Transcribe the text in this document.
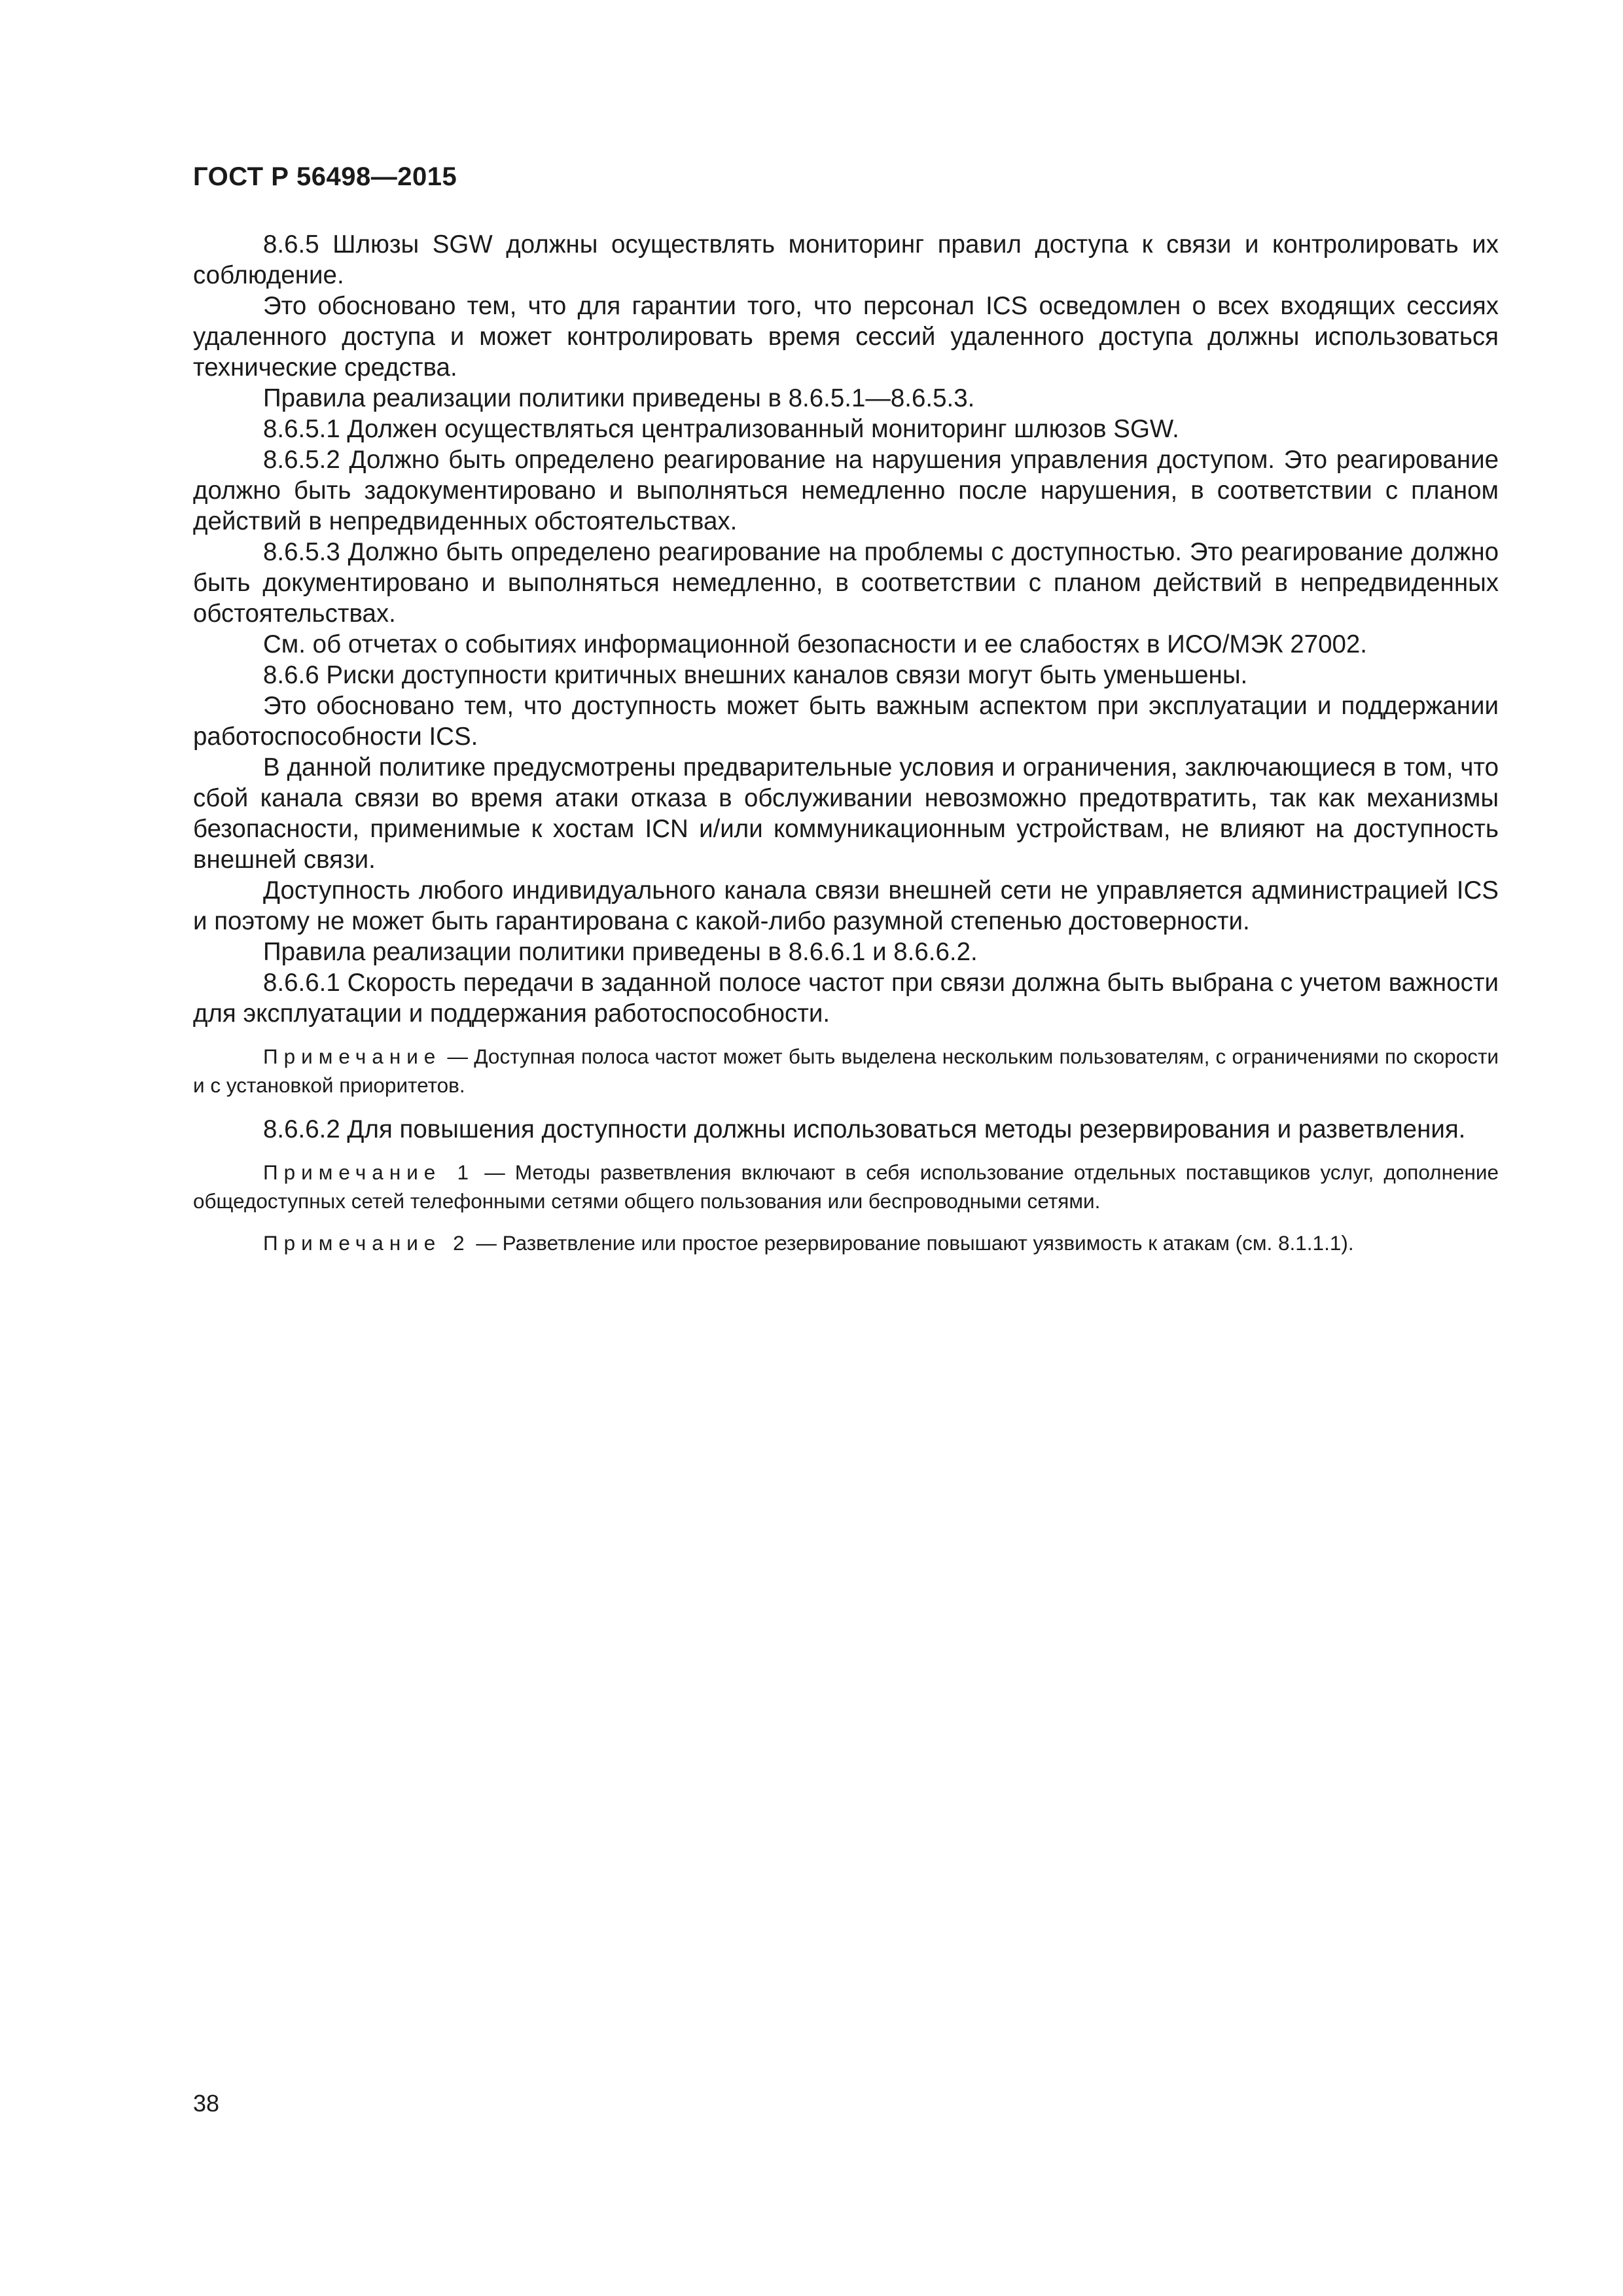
ГОСТ Р 56498—2015

8.6.5 Шлюзы SGW должны осуществлять мониторинг правил доступа к связи и контролировать их соблюдение.

Это обосновано тем, что для гарантии того, что персонал ICS осведомлен о всех входящих сессиях удаленного доступа и может контролировать время сессий удаленного доступа должны использоваться технические средства.

Правила реализации политики приведены в 8.6.5.1—8.6.5.3.

8.6.5.1 Должен осуществляться централизованный мониторинг шлюзов SGW.

8.6.5.2 Должно быть определено реагирование на нарушения управления доступом. Это реагирование должно быть задокументировано и выполняться немедленно после нарушения, в соответствии с планом действий в непредвиденных обстоятельствах.

8.6.5.3 Должно быть определено реагирование на проблемы с доступностью. Это реагирование должно быть документировано и выполняться немедленно, в соответствии с планом действий в непредвиденных обстоятельствах.

См. об отчетах о событиях информационной безопасности и ее слабостях в ИСО/МЭК 27002.

8.6.6 Риски доступности критичных внешних каналов связи могут быть уменьшены.

Это обосновано тем, что доступность может быть важным аспектом при эксплуатации и поддержании работоспособности ICS.

В данной политике предусмотрены предварительные условия и ограничения, заключающиеся в том, что сбой канала связи во время атаки отказа в обслуживании невозможно предотвратить, так как механизмы безопасности, применимые к хостам ICN и/или коммуникационным устройствам, не влияют на доступность внешней связи.

Доступность любого индивидуального канала связи внешней сети не управляется администрацией ICS и поэтому не может быть гарантирована с какой-либо разумной степенью достоверности.

Правила реализации политики приведены в 8.6.6.1 и 8.6.6.2.

8.6.6.1 Скорость передачи в заданной полосе частот при связи должна быть выбрана с учетом важности для эксплуатации и поддержания работоспособности.

Примечание — Доступная полоса частот может быть выделена нескольким пользователям, с ограничениями по скорости и с установкой приоритетов.

8.6.6.2 Для повышения доступности должны использоваться методы резервирования и разветвления.

Примечание 1 — Методы разветвления включают в себя использование отдельных поставщиков услуг, дополнение общедоступных сетей телефонными сетями общего пользования или беспроводными сетями.

Примечание 2 — Разветвление или простое резервирование повышают уязвимость к атакам (см. 8.1.1.1).

38
